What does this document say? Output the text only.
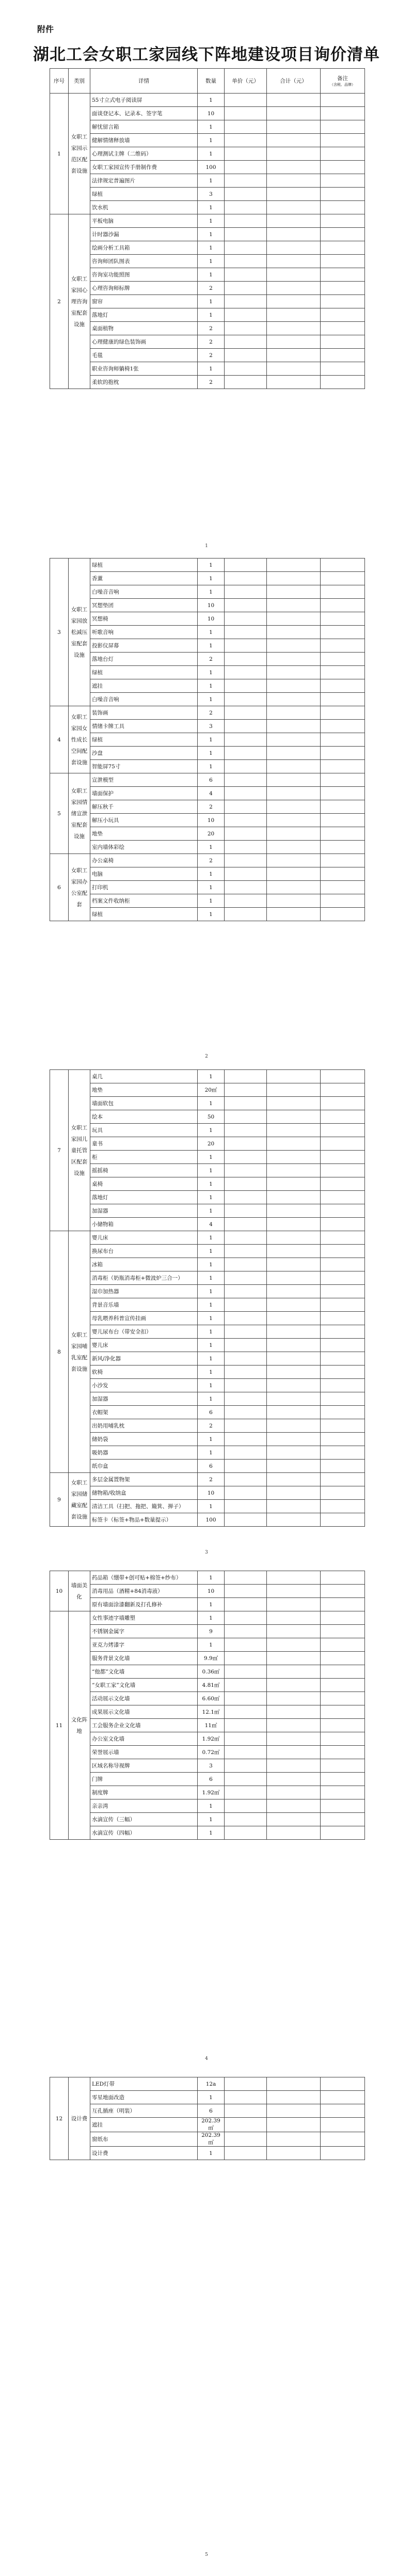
附件
湖北工会女职工家园线下阵地建设项目询价清单
序号	类别	详情	数量	单价（元）	合计（元）	备注
（含税、品牌）

1	女职工家园示范区配套设施	55寸立式电子阅读屏	1			
		面谈登记本、记录本、签字笔	10			
		解忧留言箱	1			
		健解情绪释放墙	1			
		心理测试主牌（二维码）	1			
		女职工家园宣传手册制作费	100			
		法律规定普遍图片	1			
		绿植	3			
		饮水机	1			
2	女职工家园心理咨询室配套设施	平板电脑	1			
		计时器沙漏	1			
		绘画分析工具箱	1			
		咨询师团队图表	1			
		咨询室功能照图	1			
		心理咨询师标牌	2			
		窗帘	1			
		落地灯	1			
		桌面植物	2			
		心理健康的绿色装饰画	2			
		毛毯	2			
		职业咨询师躺椅1张	1			
		柔软的抱枕	2			
1
3	女职工家园放松减压室配套设施	绿植	1			
		香薰	1			
		白噪音音响	1			
		冥想垫团	10			
		冥想椅	10			
		听歌音响	1			
		投影仪屏幕	1			
		落地台灯	2			
		绿植	1			
		遮挂	1			
		白噪音音响	1			
4	女职工家园女性成长空间配套设施	装饰画	2			
		情绪卡牌工具	3			
		绿植	1			
		沙盘	1			
		智能屏75寸	1			
5	女职工家园情绪宣泄室配套设施	宣泄模型	6			
		墙面保护	4			
		解压秋千	2			
		解压小玩具	10			
		地垫	20			
		室内墙体彩绘	1			
6	女职工家园办公室配套	办公桌椅	2			
		电脑	1			
		打印机	1			
		档案文件收纳柜	1			
		绿植	1			
2
7	女职工家园儿童托管区配套设施	桌几	1			
		地垫	20㎡			
		墙面软包	1			
		绘本	50			
		玩具	1			
		童书	20			
		柜	1			
		摇摇椅	1			
		桌椅	1			
		落地灯	1			
		加湿器	1			
		小储物箱	4			
8	女职工家园哺乳室配套设施	婴儿床	1			
		换尿布台	1			
		冰箱	1			
		消毒柜（奶瓶消毒柜+微波炉三合一）	1			
		湿巾加热器	1			
		背景音乐墙	1			
		母乳喂养科普宣传挂画	1			
		婴儿尿布台（带安全扣）	1			
		婴儿床	1			
		新风/净化器	1			
		软椅	1			
		小沙发	1			
		加湿器	1			
		衣帽架	6			
		出奶用哺乳枕	2			
		储奶袋	1			
		吸奶器	1			
		纸巾盒	6			
9	女职工家园储藏室配套设施	多层金属置物架	2			
		储物箱/收纳盒	10			
		清洁工具（扫把、拖把、簸箕、掸子）	1			
		标签卡（标签+物品+数量提示）	100			
3
10	墙面美化	药品箱（绷带+创可贴+棉签+纱布）	1			
		消毒用品（酒精+84消毒液）	10			
		原有墙面涂漆翻新及打孔修补	1			
11	文化阵地	女性事迹字墙雕塑	1			
		不锈钢金属字	9			
		亚克力烤漆字	1			
		服务背景文化墙	9.9㎡			
		“他都”文化墙	0.36㎡			
		“女职工家”文化墙	4.81㎡			
		活动展示文化墙	6.60㎡			
		成果展示文化墙	12.1㎡			
		工会服务企业文化墙	11㎡			
		办公室文化墙	1.92㎡			
		荣誉展示墙	0.72㎡			
		区域名称导视牌	3			
		门牌	6			
		制度牌	1.92㎡			
		亲亲湾	1			
		水滴宣传（三幅）	1			
		水滴宣传（四幅）	1			
4
12	设计费	LED灯带	12a			
		零星地面改造	1			
		互孔插座（明装）	6			
		遮挂	202.39㎡			
		窗纸布	202.39㎡			
		设计费	1			
5
